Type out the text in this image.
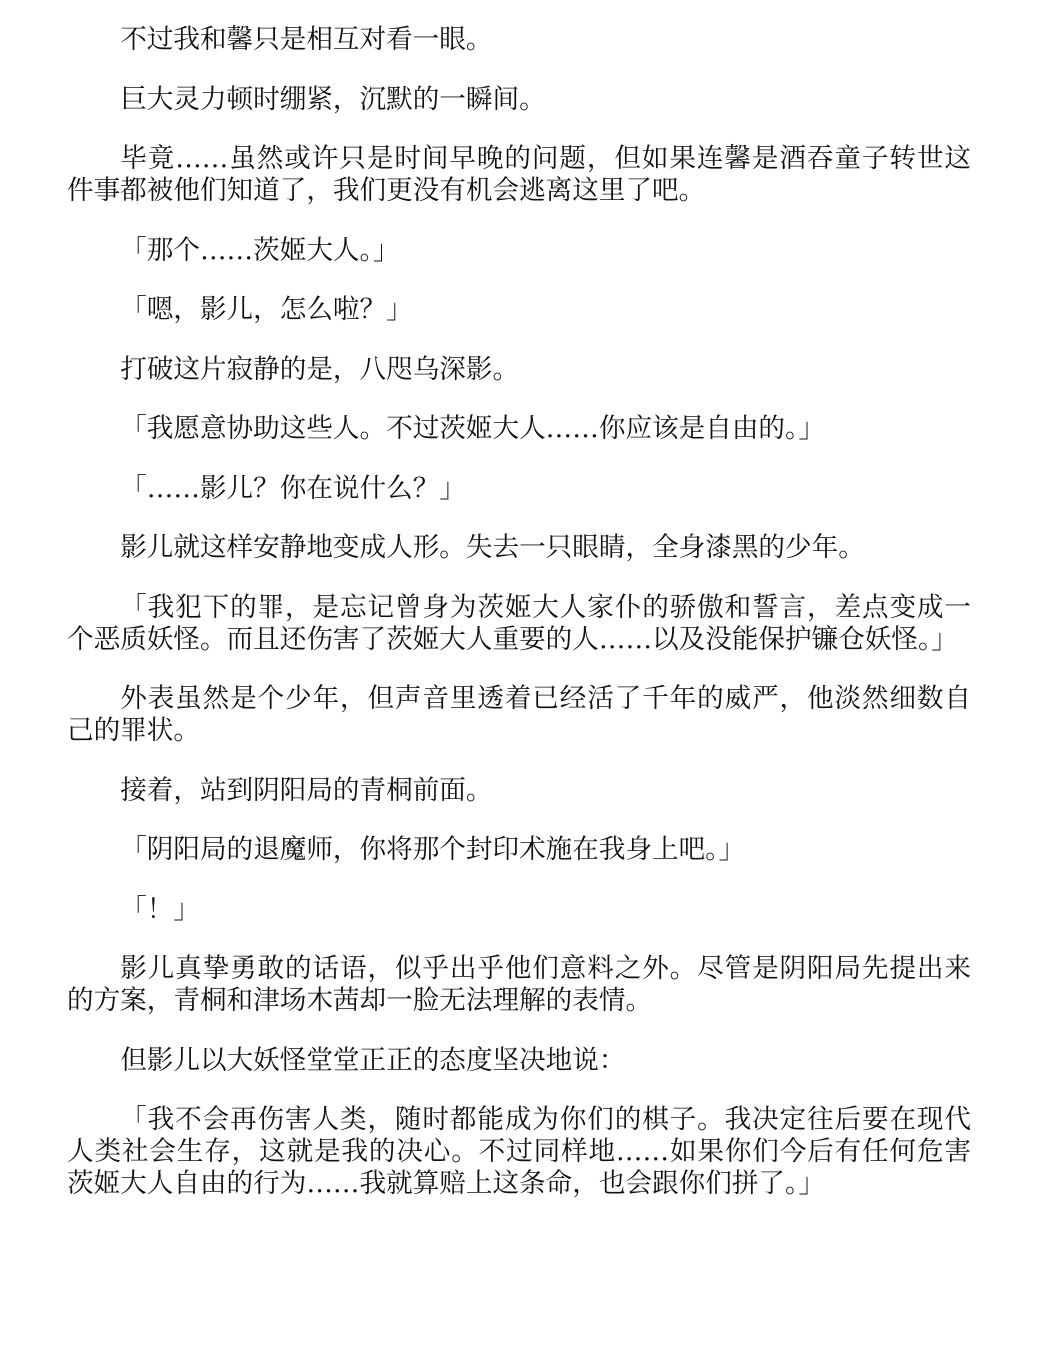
不过我和馨只是相互对看一眼。

巨大灵力顿时绷紧，沉默的一瞬间。

毕竟……虽然或许只是时间早晚的问题，但如果连馨是酒吞童子转世这件事都被他们知道了，我们更没有机会逃离这里了吧。

「那个……茨姬大人。」

「嗯，影儿，怎么啦？」

打破这片寂静的是，八咫乌深影。

「我愿意协助这些人。不过茨姬大人……你应该是自由的。」

「……影儿？你在说什么？」

影儿就这样安静地变成人形。失去一只眼睛，全身漆黑的少年。

「我犯下的罪，是忘记曾身为茨姬大人家仆的骄傲和誓言，差点变成一个恶质妖怪。而且还伤害了茨姬大人重要的人……以及没能保护镰仓妖怪。」

外表虽然是个少年，但声音里透着已经活了千年的威严，他淡然细数自己的罪状。

接着，站到阴阳局的青桐前面。

「阴阳局的退魔师，你将那个封印术施在我身上吧。」

「！」

影儿真挚勇敢的话语，似乎出乎他们意料之外。尽管是阴阳局先提出来的方案，青桐和津场木茜却一脸无法理解的表情。

但影儿以大妖怪堂堂正正的态度坚决地说：

「我不会再伤害人类，随时都能成为你们的棋子。我决定往后要在现代人类社会生存，这就是我的决心。不过同样地……如果你们今后有任何危害茨姬大人自由的行为……我就算赔上这条命，也会跟你们拼了。」
